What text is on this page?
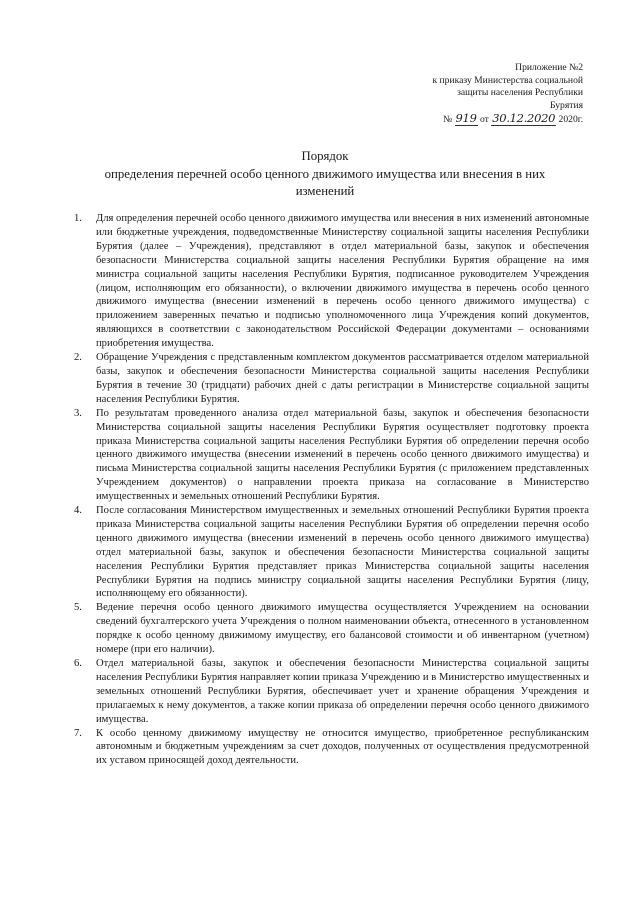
Приложение №2
к приказу Министерства социальной
защиты населения Республики
Бурятия
№ 919 от 30.12.2020 2020г.
Порядок
определения перечней особо ценного движимого имущества или внесения в них
изменений
1. Для определения перечней особо ценного движимого имущества или внесения в них изменений автономные или бюджетные учреждения, подведомственные Министерству социальной защиты населения Республики Бурятия (далее – Учреждения), представляют в отдел материальной базы, закупок и обеспечения безопасности Министерства социальной защиты населения Республики Бурятия обращение на имя министра социальной защиты населения Республики Бурятия, подписанное руководителем Учреждения (лицом, исполняющим его обязанности), о включении движимого имущества в перечень особо ценного движимого имущества (внесении изменений в перечень особо ценного движимого имущества) с приложением заверенных печатью и подписью уполномоченного лица Учреждения копий документов, являющихся в соответствии с законодательством Российской Федерации документами – основаниями приобретения имущества.
2. Обращение Учреждения с представленным комплектом документов рассматривается отделом материальной базы, закупок и обеспечения безопасности Министерства социальной защиты населения Республики Бурятия в течение 30 (тридцати) рабочих дней с даты регистрации в Министерстве социальной защиты населения Республики Бурятия.
3. По результатам проведенного анализа отдел материальной базы, закупок и обеспечения безопасности Министерства социальной защиты населения Республики Бурятия осуществляет подготовку проекта приказа Министерства социальной защиты населения Республики Бурятия об определении перечня особо ценного движимого имущества (внесении изменений в перечень особо ценного движимого имущества) и письма Министерства социальной защиты населения Республики Бурятия (с приложением представленных Учреждением документов) о направлении проекта приказа на согласование в Министерство имущественных и земельных отношений Республики Бурятия.
4. После согласования Министерством имущественных и земельных отношений Республики Бурятия проекта приказа Министерства социальной защиты населения Республики Бурятия об определении перечня особо ценного движимого имущества (внесении изменений в перечень особо ценного движимого имущества) отдел материальной базы, закупок и обеспечения безопасности Министерства социальной защиты населения Республики Бурятия представляет приказ Министерства социальной защиты населения Республики Бурятия на подпись министру социальной защиты населения Республики Бурятия (лицу, исполняющему его обязанности).
5. Ведение перечня особо ценного движимого имущества осуществляется Учреждением на основании сведений бухгалтерского учета Учреждения о полном наименовании объекта, отнесенного в установленном порядке к особо ценному движимому имуществу, его балансовой стоимости и об инвентарном (учетном) номере (при его наличии).
6. Отдел материальной базы, закупок и обеспечения безопасности Министерства социальной защиты населения Республики Бурятия направляет копии приказа Учреждению и в Министерство имущественных и земельных отношений Республики Бурятия, обеспечивает учет и хранение обращения Учреждения и прилагаемых к нему документов, а также копии приказа об определении перечня особо ценного движимого имущества.
7. К особо ценному движимому имуществу не относится имущество, приобретенное республиканским автономным и бюджетным учреждениям за счет доходов, полученных от осуществления предусмотренной их уставом приносящей доход деятельности.
